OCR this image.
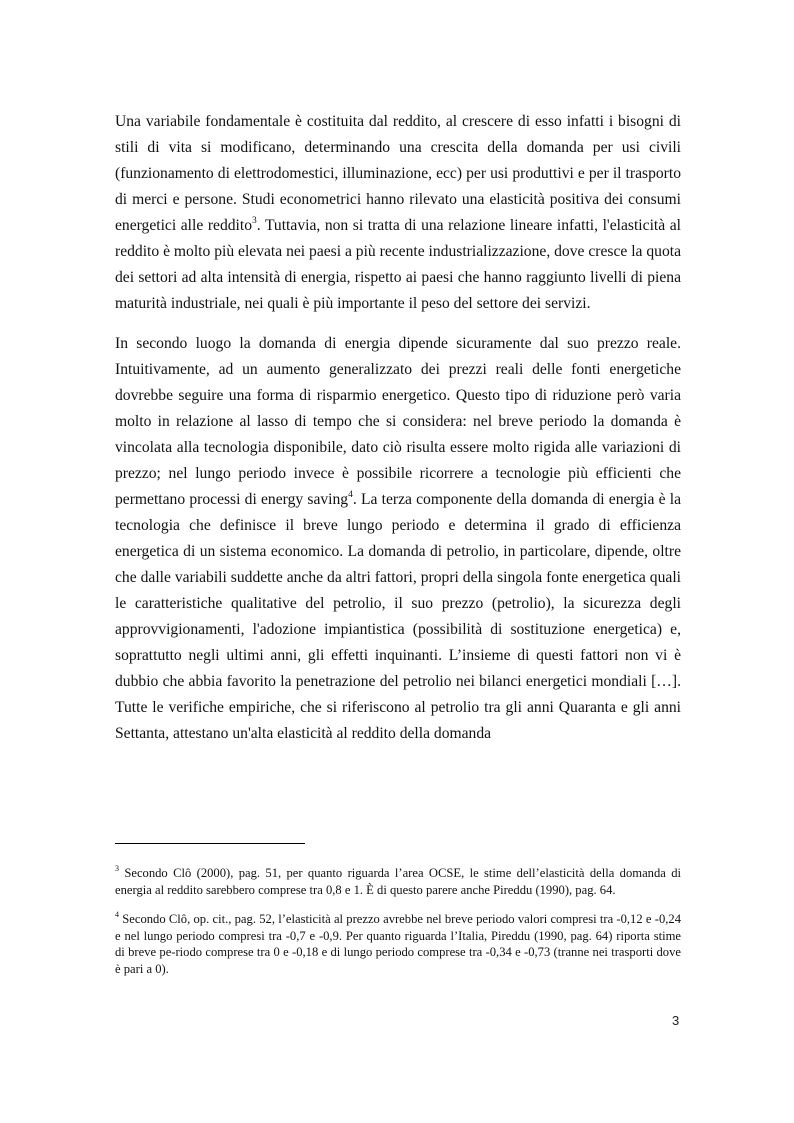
Una variabile fondamentale è costituita dal reddito, al crescere di esso infatti i bisogni di stili di vita si modificano, determinando una crescita della domanda per usi civili (funzionamento di elettrodomestici, illuminazione, ecc) per usi produttivi e per il trasporto di merci e persone. Studi econometrici hanno rilevato una elasticità positiva dei consumi energetici alle reddito$^3$. Tuttavia, non si tratta di una relazione lineare infatti, l'elasticità al reddito è molto più elevata nei paesi a più recente industrializzazione, dove cresce la quota dei settori ad alta intensità di energia, rispetto ai paesi che hanno raggiunto livelli di piena maturità industriale, nei quali è più importante il peso del settore dei servizi.

In secondo luogo la domanda di energia dipende sicuramente dal suo prezzo reale. Intuitivamente, ad un aumento generalizzato dei prezzi reali delle fonti energetiche dovrebbe seguire una forma di risparmio energetico. Questo tipo di riduzione però varia molto in relazione al lasso di tempo che si considera: nel breve periodo la domanda è vincolata alla tecnologia disponibile, dato ciò risulta essere molto rigida alle variazioni di prezzo; nel lungo periodo invece è possibile ricorrere a tecnologie più efficienti che permettano processi di energy saving$^4$. La terza componente della domanda di energia è la tecnologia che definisce il breve lungo periodo e determina il grado di efficienza energetica di un sistema economico. La domanda di petrolio, in particolare, dipende, oltre che dalle variabili suddette anche da altri fattori, propri della singola fonte energetica quali le caratteristiche qualitative del petrolio, il suo prezzo (petrolio), la sicurezza degli approvvigionamenti, l'adozione impiantistica (possibilità di sostituzione energetica) e, soprattutto negli ultimi anni, gli effetti inquinanti. L’insieme di questi fattori non vi è dubbio che abbia favorito la penetrazione del petrolio nei bilanci energetici mondiali […]. Tutte le verifiche empiriche, che si riferiscono al petrolio tra gli anni Quaranta e gli anni Settanta, attestano un'alta elasticità al reddito della domanda

$^3$ Secondo Clô (2000), pag. 51, per quanto riguarda l’area OCSE, le stime dell’elasticità della domanda di energia al reddito sarebbero comprese tra 0,8 e 1. È di questo parere anche Pireddu (1990), pag. 64.

$^4$ Secondo Clô, op. cit., pag. 52, l’elasticità al prezzo avrebbe nel breve periodo valori compresi tra -0,12 e -0,24 e nel lungo periodo compresi tra -0,7 e -0,9. Per quanto riguarda l’Italia, Pireddu (1990, pag. 64) riporta stime di breve pe-riodo comprese tra 0 e -0,18 e di lungo periodo comprese tra -0,34 e -0,73 (tranne nei trasporti dove è pari a 0).

3
